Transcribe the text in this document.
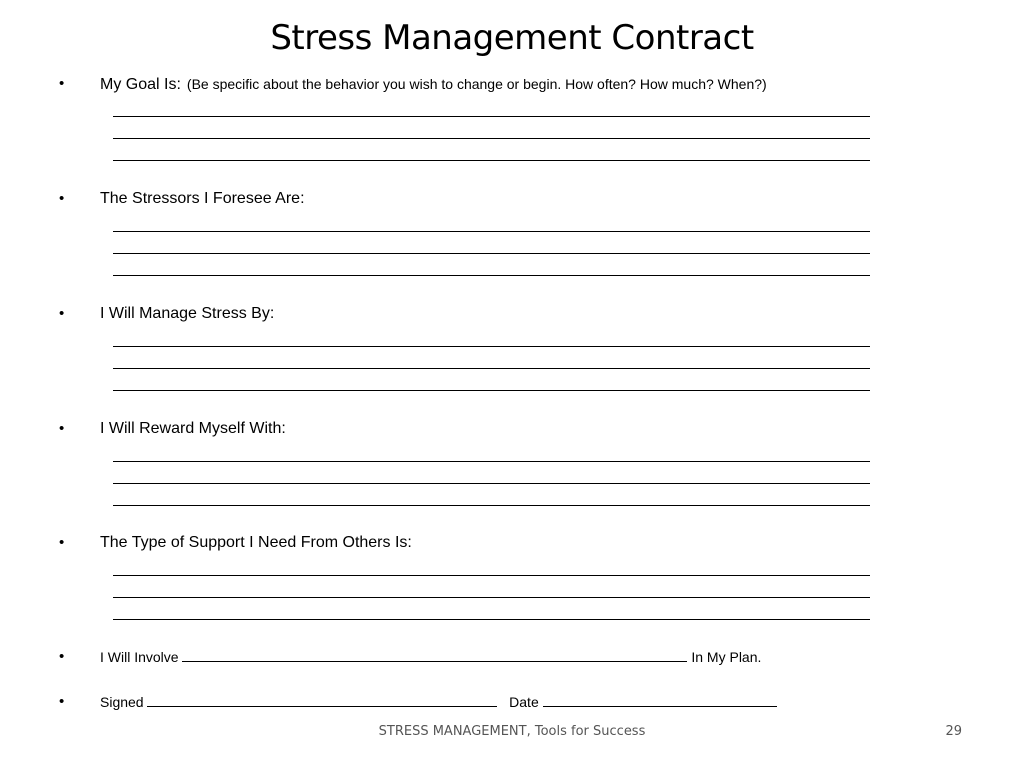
Stress Management Contract
• My Goal Is: (Be specific about the behavior you wish to change or begin. How often? How much? When?)
• The Stressors I Foresee Are:
• I Will Manage Stress By:
• I Will Reward Myself With:
• The Type of Support I Need From Others Is:
•	I Will Involve	In My Plan.
•	Signed	Date
STRESS MANAGEMENT, Tools for Success	29
